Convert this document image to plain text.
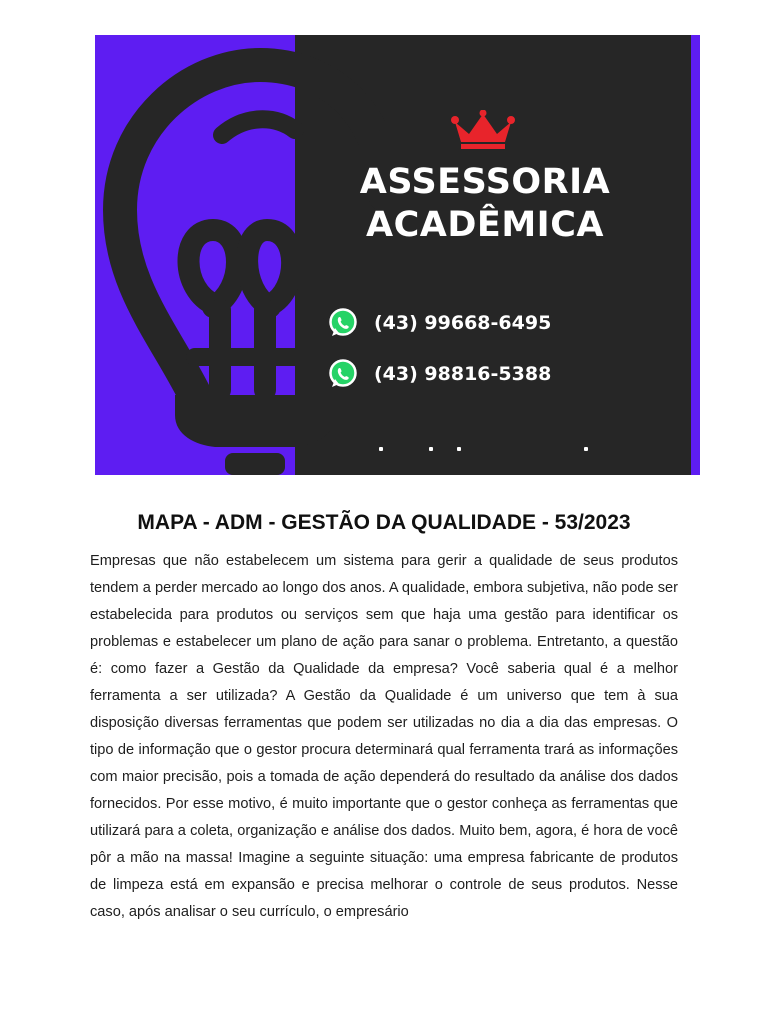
ASSESSORIA
ACADÊMICA
(43) 99668-6495
(43) 98816-5388
MAPA - ADM - GESTÃO DA QUALIDADE - 53/2023

Empresas que não estabelecem um sistema para gerir a qualidade de seus produtos tendem a perder mercado ao longo dos anos. A qualidade, embora subjetiva, não pode ser estabelecida para produtos ou serviços sem que haja uma gestão para identificar os problemas e estabelecer um plano de ação para sanar o problema. Entretanto, a questão é: como fazer a Gestão da Qualidade da empresa? Você saberia qual é a melhor ferramenta a ser utilizada? A Gestão da Qualidade é um universo que tem à sua disposição diversas ferramentas que podem ser utilizadas no dia a dia das empresas. O tipo de informação que o gestor procura determinará qual ferramenta trará as informações com maior precisão, pois a tomada de ação dependerá do resultado da análise dos dados fornecidos. Por esse motivo, é muito importante que o gestor conheça as ferramentas que utilizará para a coleta, organização e análise dos dados. Muito bem, agora, é hora de você pôr a mão na massa! Imagine a seguinte situação: uma empresa fabricante de produtos de limpeza está em expansão e precisa melhorar o controle de seus produtos. Nesse caso, após analisar o seu currículo, o empresário
